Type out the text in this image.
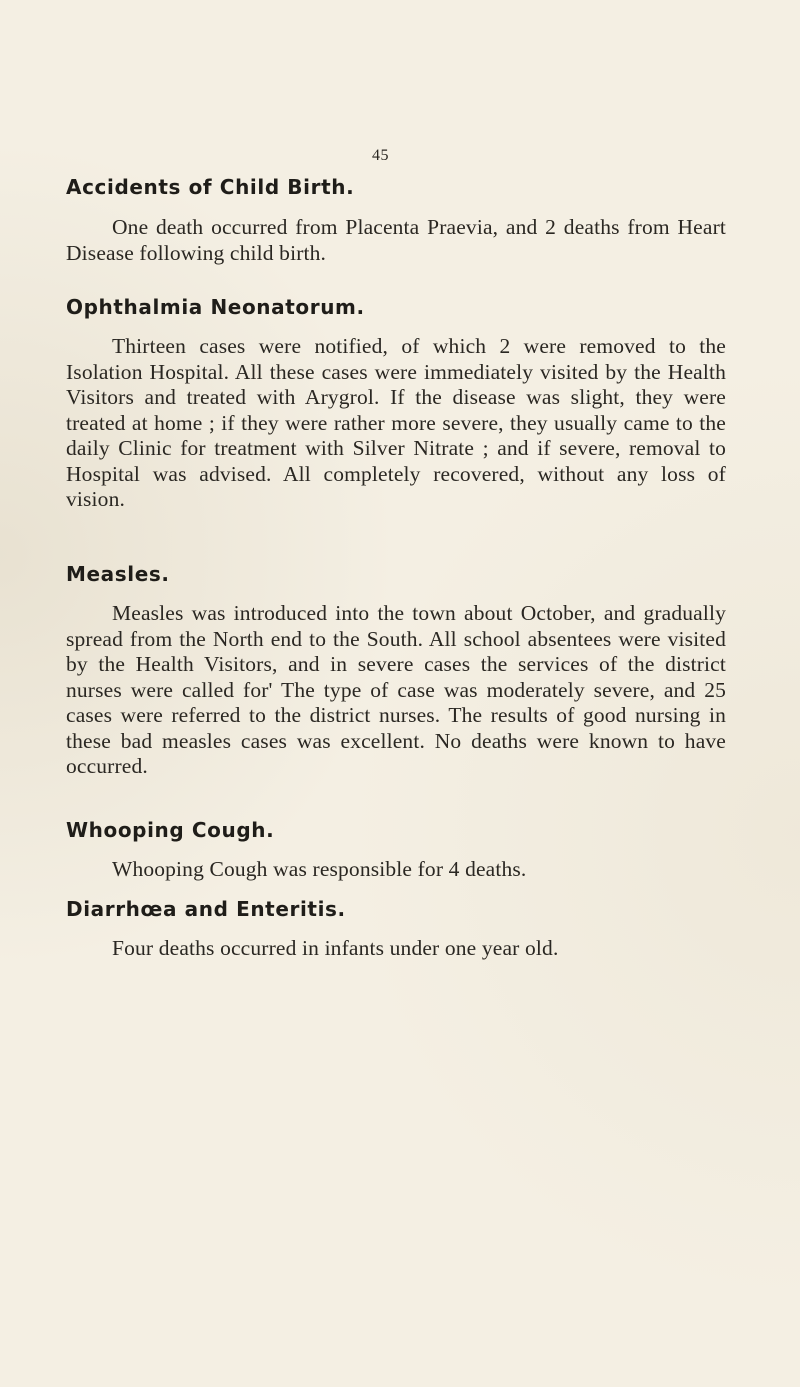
45
Accidents of Child Birth.

One death occurred from Placenta Praevia, and 2 deaths from Heart Disease following child birth.

Ophthalmia Neonatorum.

Thirteen cases were notified, of which 2 were removed to the Isolation Hospital. All these cases were immediately visited by the Health Visitors and treated with Arygrol. If the disease was slight, they were treated at home ; if they were rather more severe, they usually came to the daily Clinic for treatment with Silver Nitrate ; and if severe, removal to Hospital was advised. All completely recovered, without any loss of vision.

Measles.

Measles was introduced into the town about October, and gradually spread from the North end to the South. All school absentees were visited by the Health Visitors, and in severe cases the services of the district nurses were called for' The type of case was moderately severe, and 25 cases were referred to the district nurses. The results of good nursing in these bad measles cases was excellent. No deaths were known to have occurred.

Whooping Cough.

Whooping Cough was responsible for 4 deaths.

Diarrhœa and Enteritis.

Four deaths occurred in infants under one year old.
